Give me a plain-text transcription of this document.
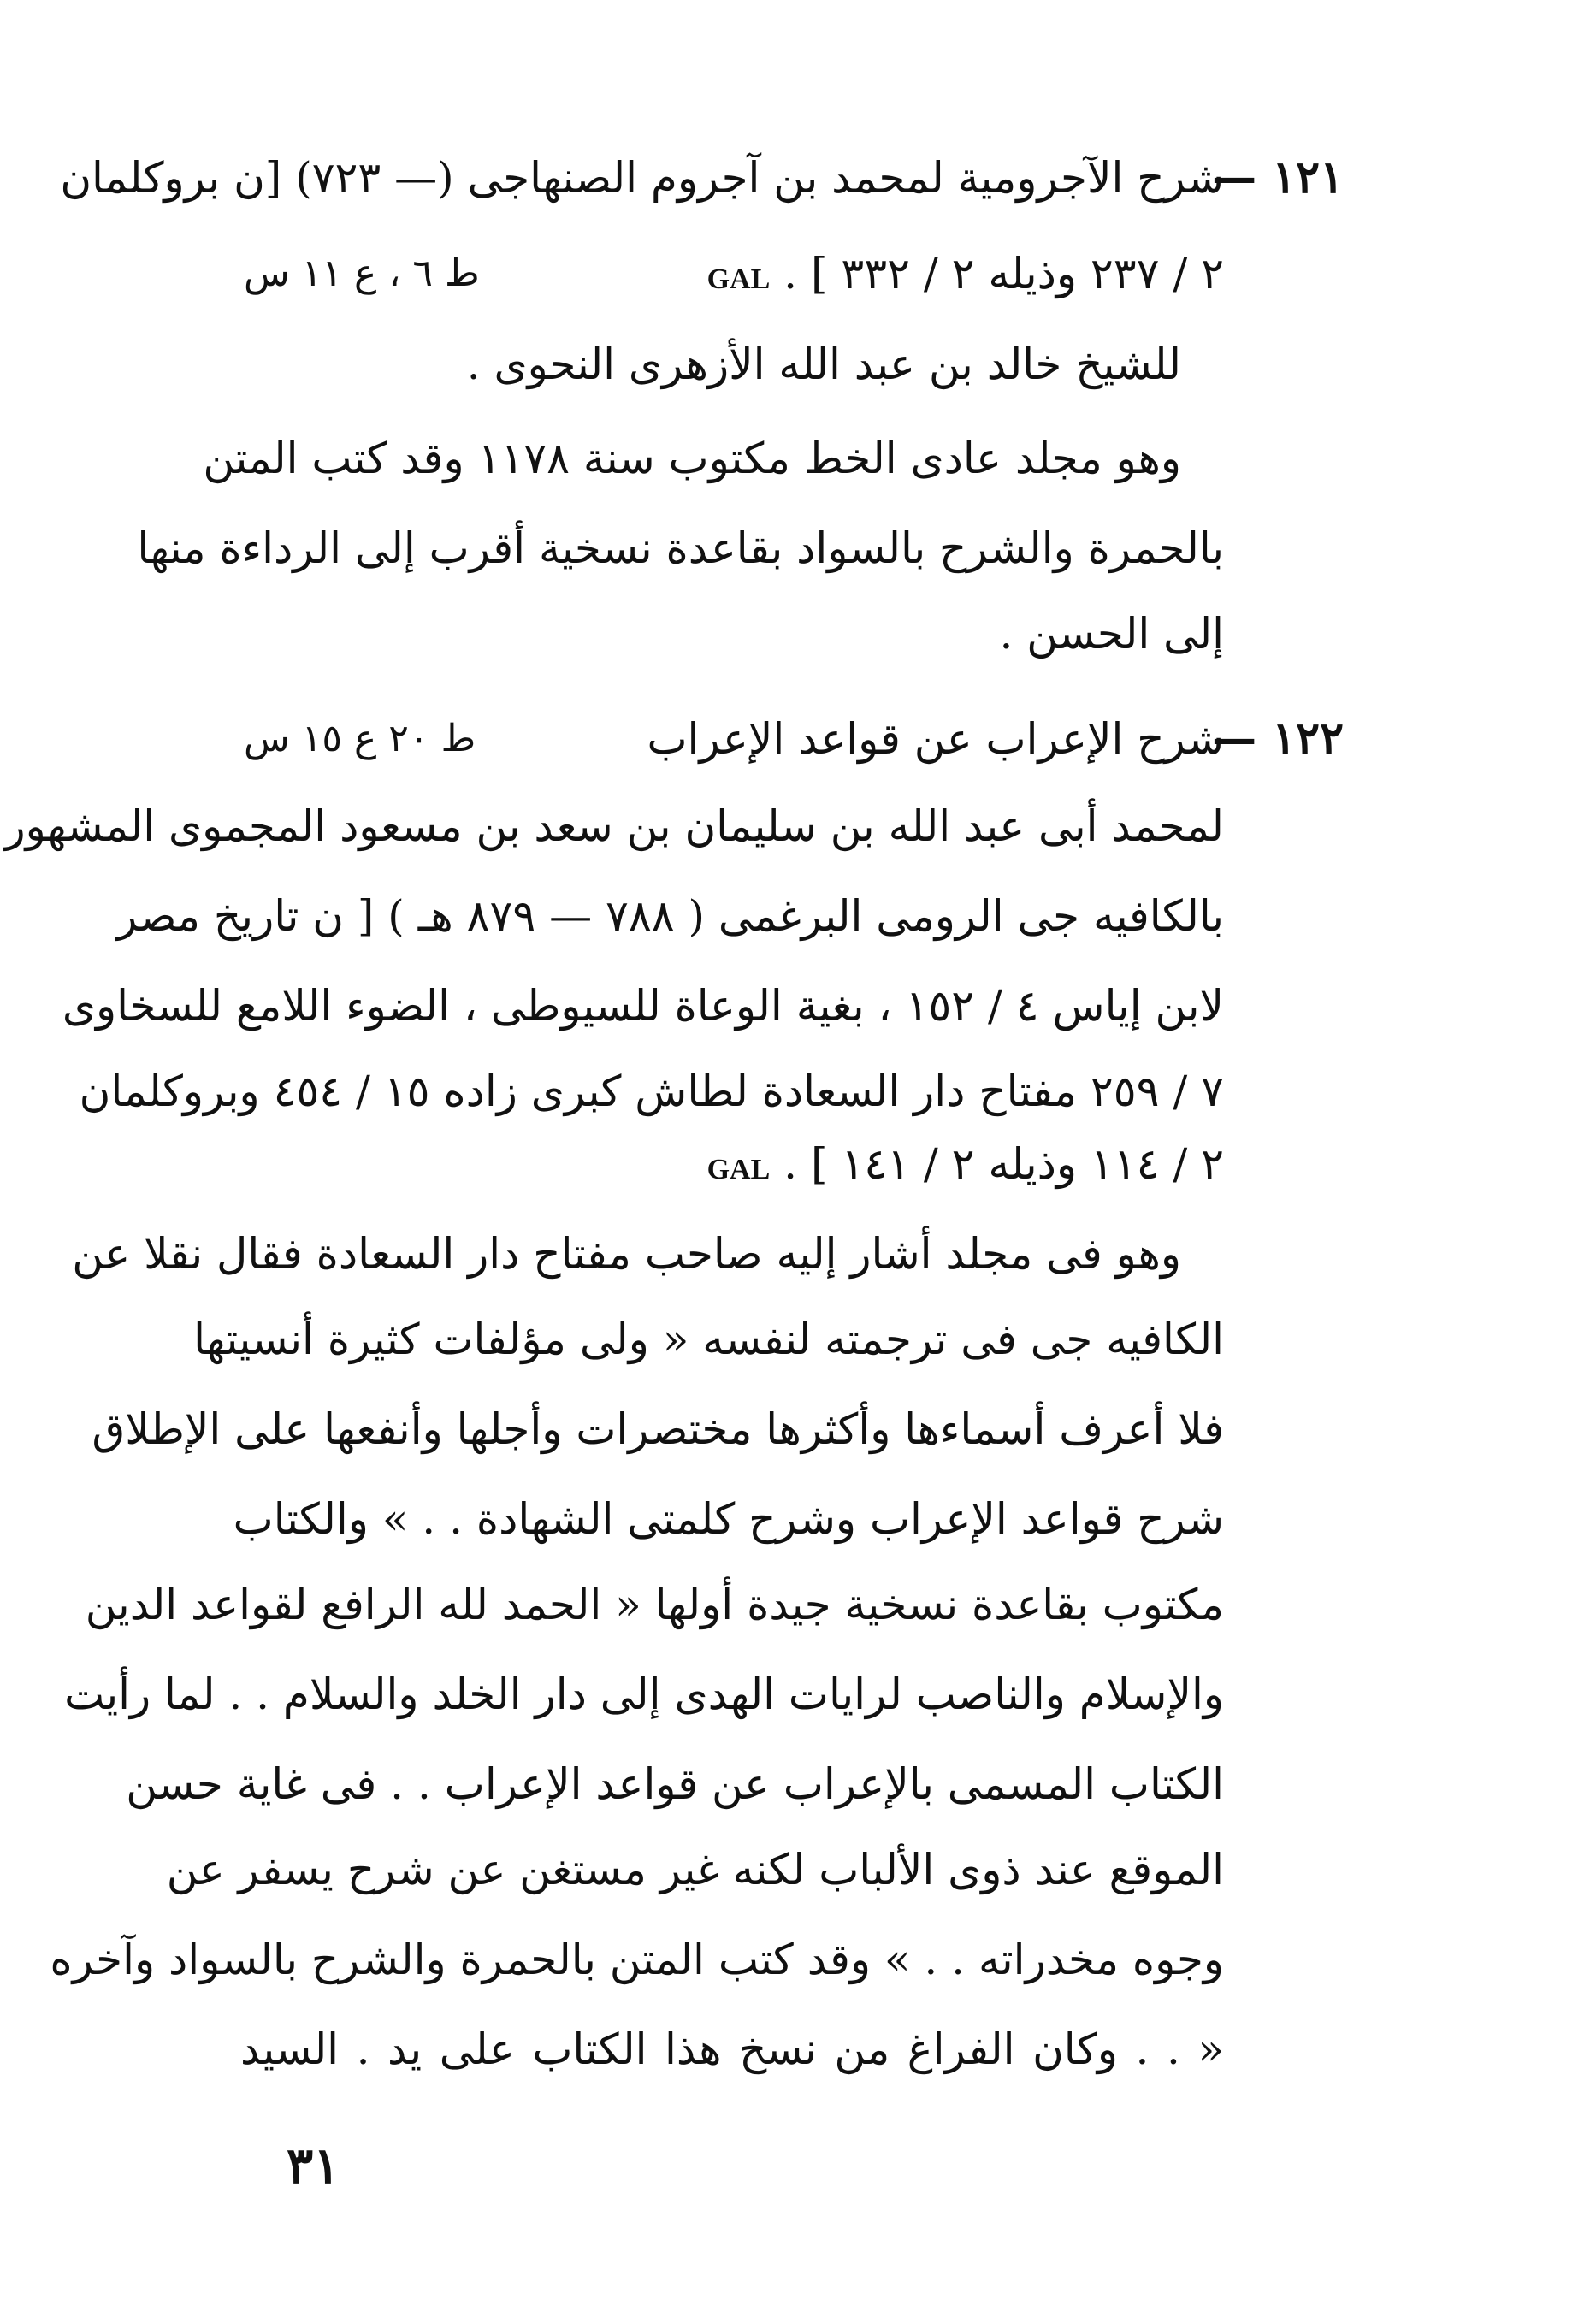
١٢١ —
شرح الآجرومية لمحمد بن آجروم الصنهاجى (— ٧٢٣) [ن بروكلمان
٢ / ٢٣٧ وذيله ٢ / ٣٣٢ ] . GAL
ط ٦ ، ع ١١ س
للشيخ خالد بن عبد الله الأزهرى النحوى .
وهو مجلد عادى الخط مكتوب سنة ١١٧٨ وقد كتب المتن
بالحمرة والشرح بالسواد بقاعدة نسخية أقرب إلى الرداءة منها
إلى الحسن .
١٢٢ —
شرح الإعراب عن قواعد الإعراب
ط ٢٠ ع ١٥ س
لمحمد أبى عبد الله بن سليمان بن سعد بن مسعود المجموى المشهور
بالكافيه جى الرومى البرغمى ( ٧٨٨ — ٨٧٩ هـ ) [ ن تاريخ مصر
لابن إياس ٤ / ١٥٢ ، بغية الوعاة للسيوطى ، الضوء اللامع للسخاوى
٧ / ٢٥٩ مفتاح دار السعادة لطاش كبرى زاده ١٥ / ٤٥٤ وبروكلمان
٢ / ١١٤ وذيله ٢ / ١٤١ ] . GAL
وهو فى مجلد أشار إليه صاحب مفتاح دار السعادة فقال نقلا عن
الكافيه جى فى ترجمته لنفسه « ولى مؤلفات كثيرة أنسيتها
فلا أعرف أسماءها وأكثرها مختصرات وأجلها وأنفعها على الإطلاق
شرح قواعد الإعراب وشرح كلمتى الشهادة . . » والكتاب
مكتوب بقاعدة نسخية جيدة أولها « الحمد لله الرافع لقواعد الدين
والإسلام والناصب لرايات الهدى إلى دار الخلد والسلام . . لما رأيت
الكتاب المسمى بالإعراب عن قواعد الإعراب . . فى غاية حسن
الموقع عند ذوى الألباب لكنه غير مستغن عن شرح يسفر عن
وجوه مخدراته . . » وقد كتب المتن بالحمرة والشرح بالسواد وآخره
« . . وكان الفراغ من نسخ هذا الكتاب على يد . السيد
٣١
